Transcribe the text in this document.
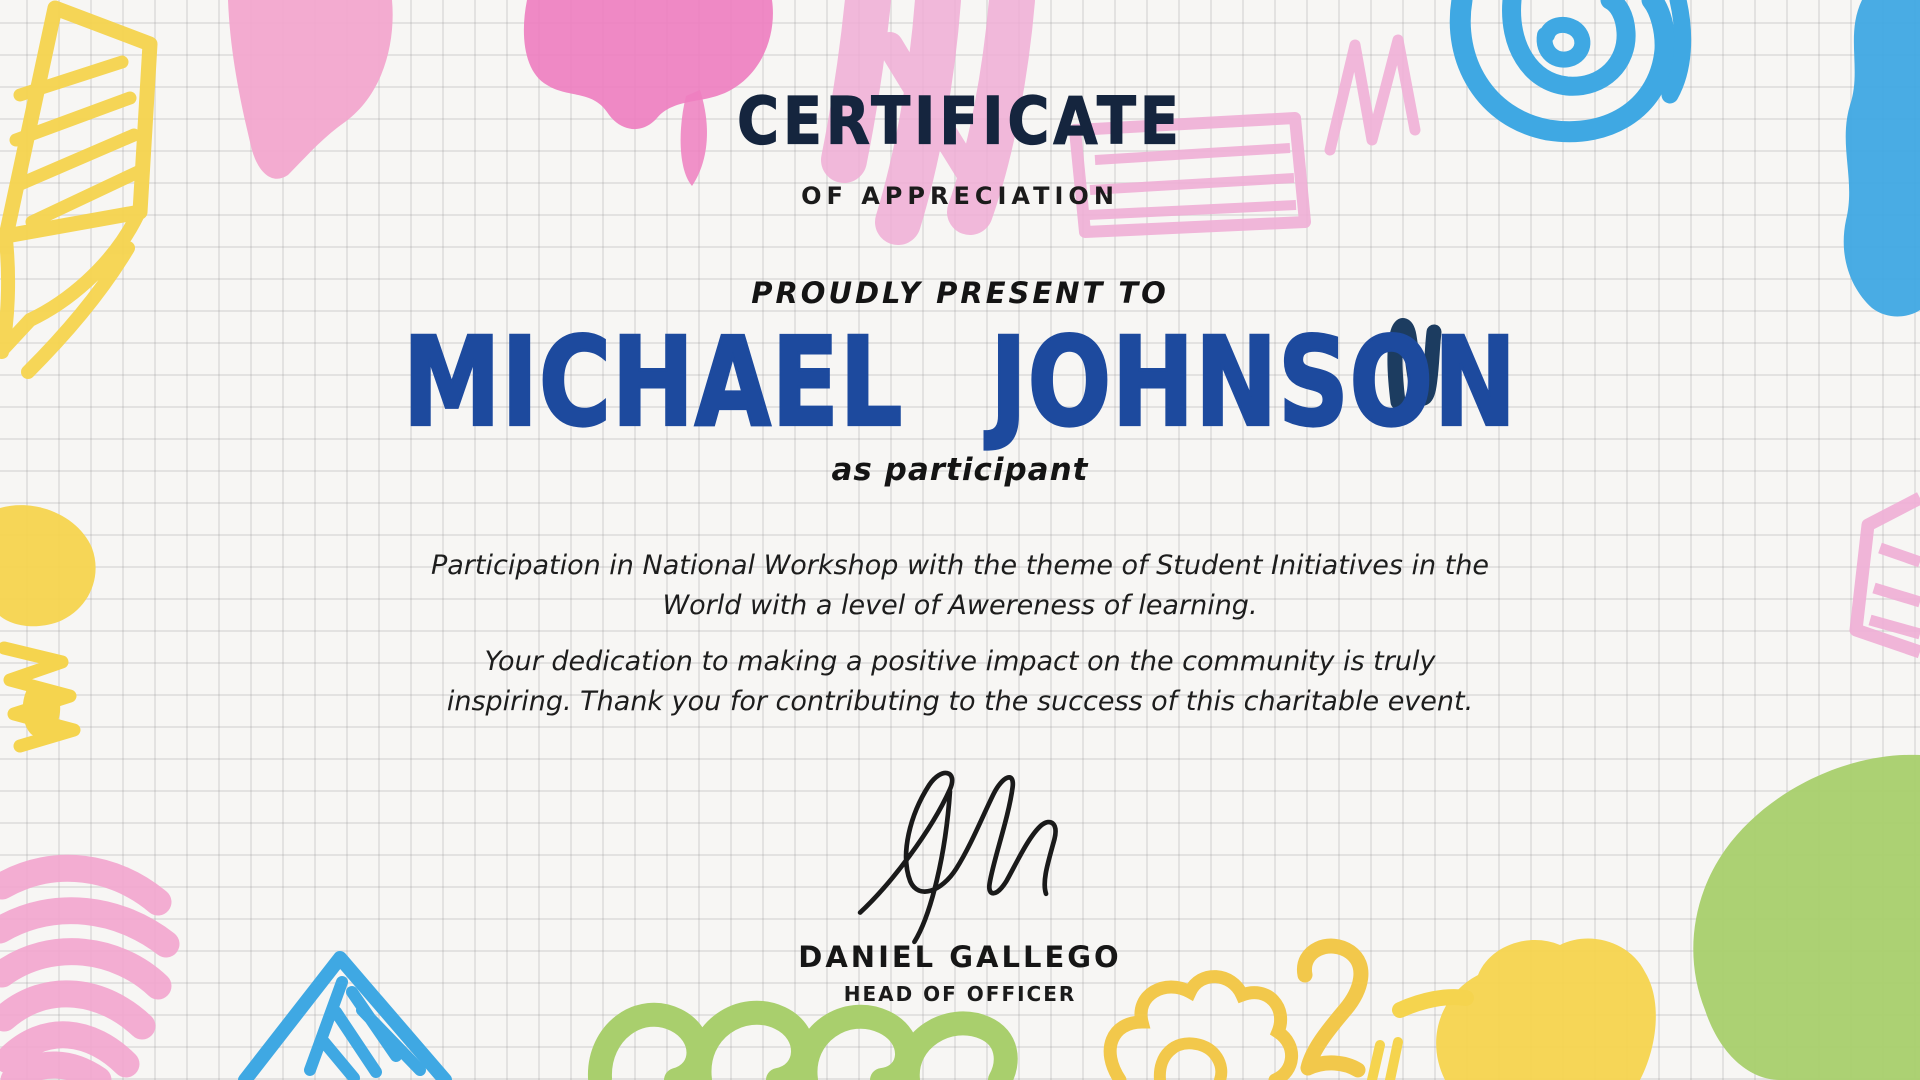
CERTIFICATE
OF APPRECIATION
PROUDLY PRESENT TO
MICHAEL JOHNSON
as participant
Participation in National Workshop with the theme of Student Initiatives in the World with a level of Awereness of learning.
Your dedication to making a positive impact on the community is truly inspiring. Thank you for contributing to the success of this charitable event.
DANIEL GALLEGO
HEAD OF OFFICER
